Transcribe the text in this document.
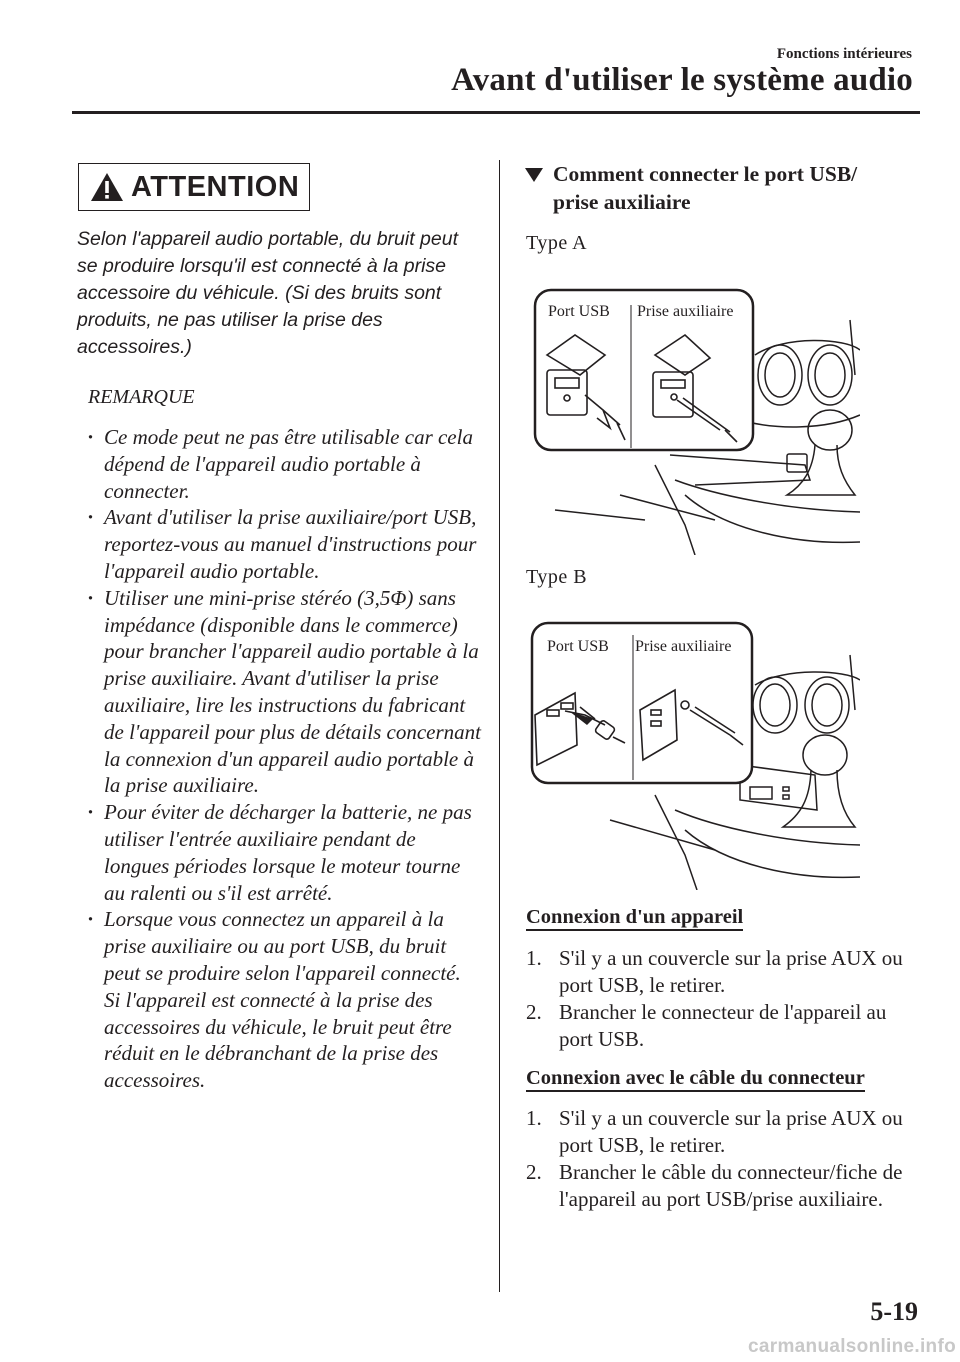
Fonctions intérieures
Avant d'utiliser le système audio
ATTENTION
Selon l'appareil audio portable, du bruit peut se produire lorsqu'il est connecté à la prise accessoire du véhicule. (Si des bruits sont produits, ne pas utiliser la prise des accessoires.)
REMARQUE
· Ce mode peut ne pas être utilisable car cela dépend de l'appareil audio portable à connecter.
· Avant d'utiliser la prise auxiliaire/port USB, reportez-vous au manuel d'instructions pour l'appareil audio portable.
· Utiliser une mini-prise stéréo (3,5Φ) sans impédance (disponible dans le commerce) pour brancher l'appareil audio portable à la prise auxiliaire. Avant d'utiliser la prise auxiliaire, lire les instructions du fabricant de l'appareil pour plus de détails concernant la connexion d'un appareil audio portable à la prise auxiliaire.
· Pour éviter de décharger la batterie, ne pas utiliser l'entrée auxiliaire pendant de longues périodes lorsque le moteur tourne au ralenti ou s'il est arrêté.
· Lorsque vous connectez un appareil à la prise auxiliaire ou au port USB, du bruit peut se produire selon l'appareil connecté. Si l'appareil est connecté à la prise des accessoires du véhicule, le bruit peut être réduit en le débranchant de la prise des accessoires.
Comment connecter le port USB/ prise auxiliaire
Type A
Port USB Prise auxiliaire
Type B
Port USB Prise auxiliaire
Connexion d'un appareil
1. S'il y a un couvercle sur la prise AUX ou port USB, le retirer.
2. Brancher le connecteur de l'appareil au port USB.
Connexion avec le câble du connecteur
1. S'il y a un couvercle sur la prise AUX ou port USB, le retirer.
2. Brancher le câble du connecteur/fiche de l'appareil au port USB/prise auxiliaire.
5-19
carmanualsonline.info
